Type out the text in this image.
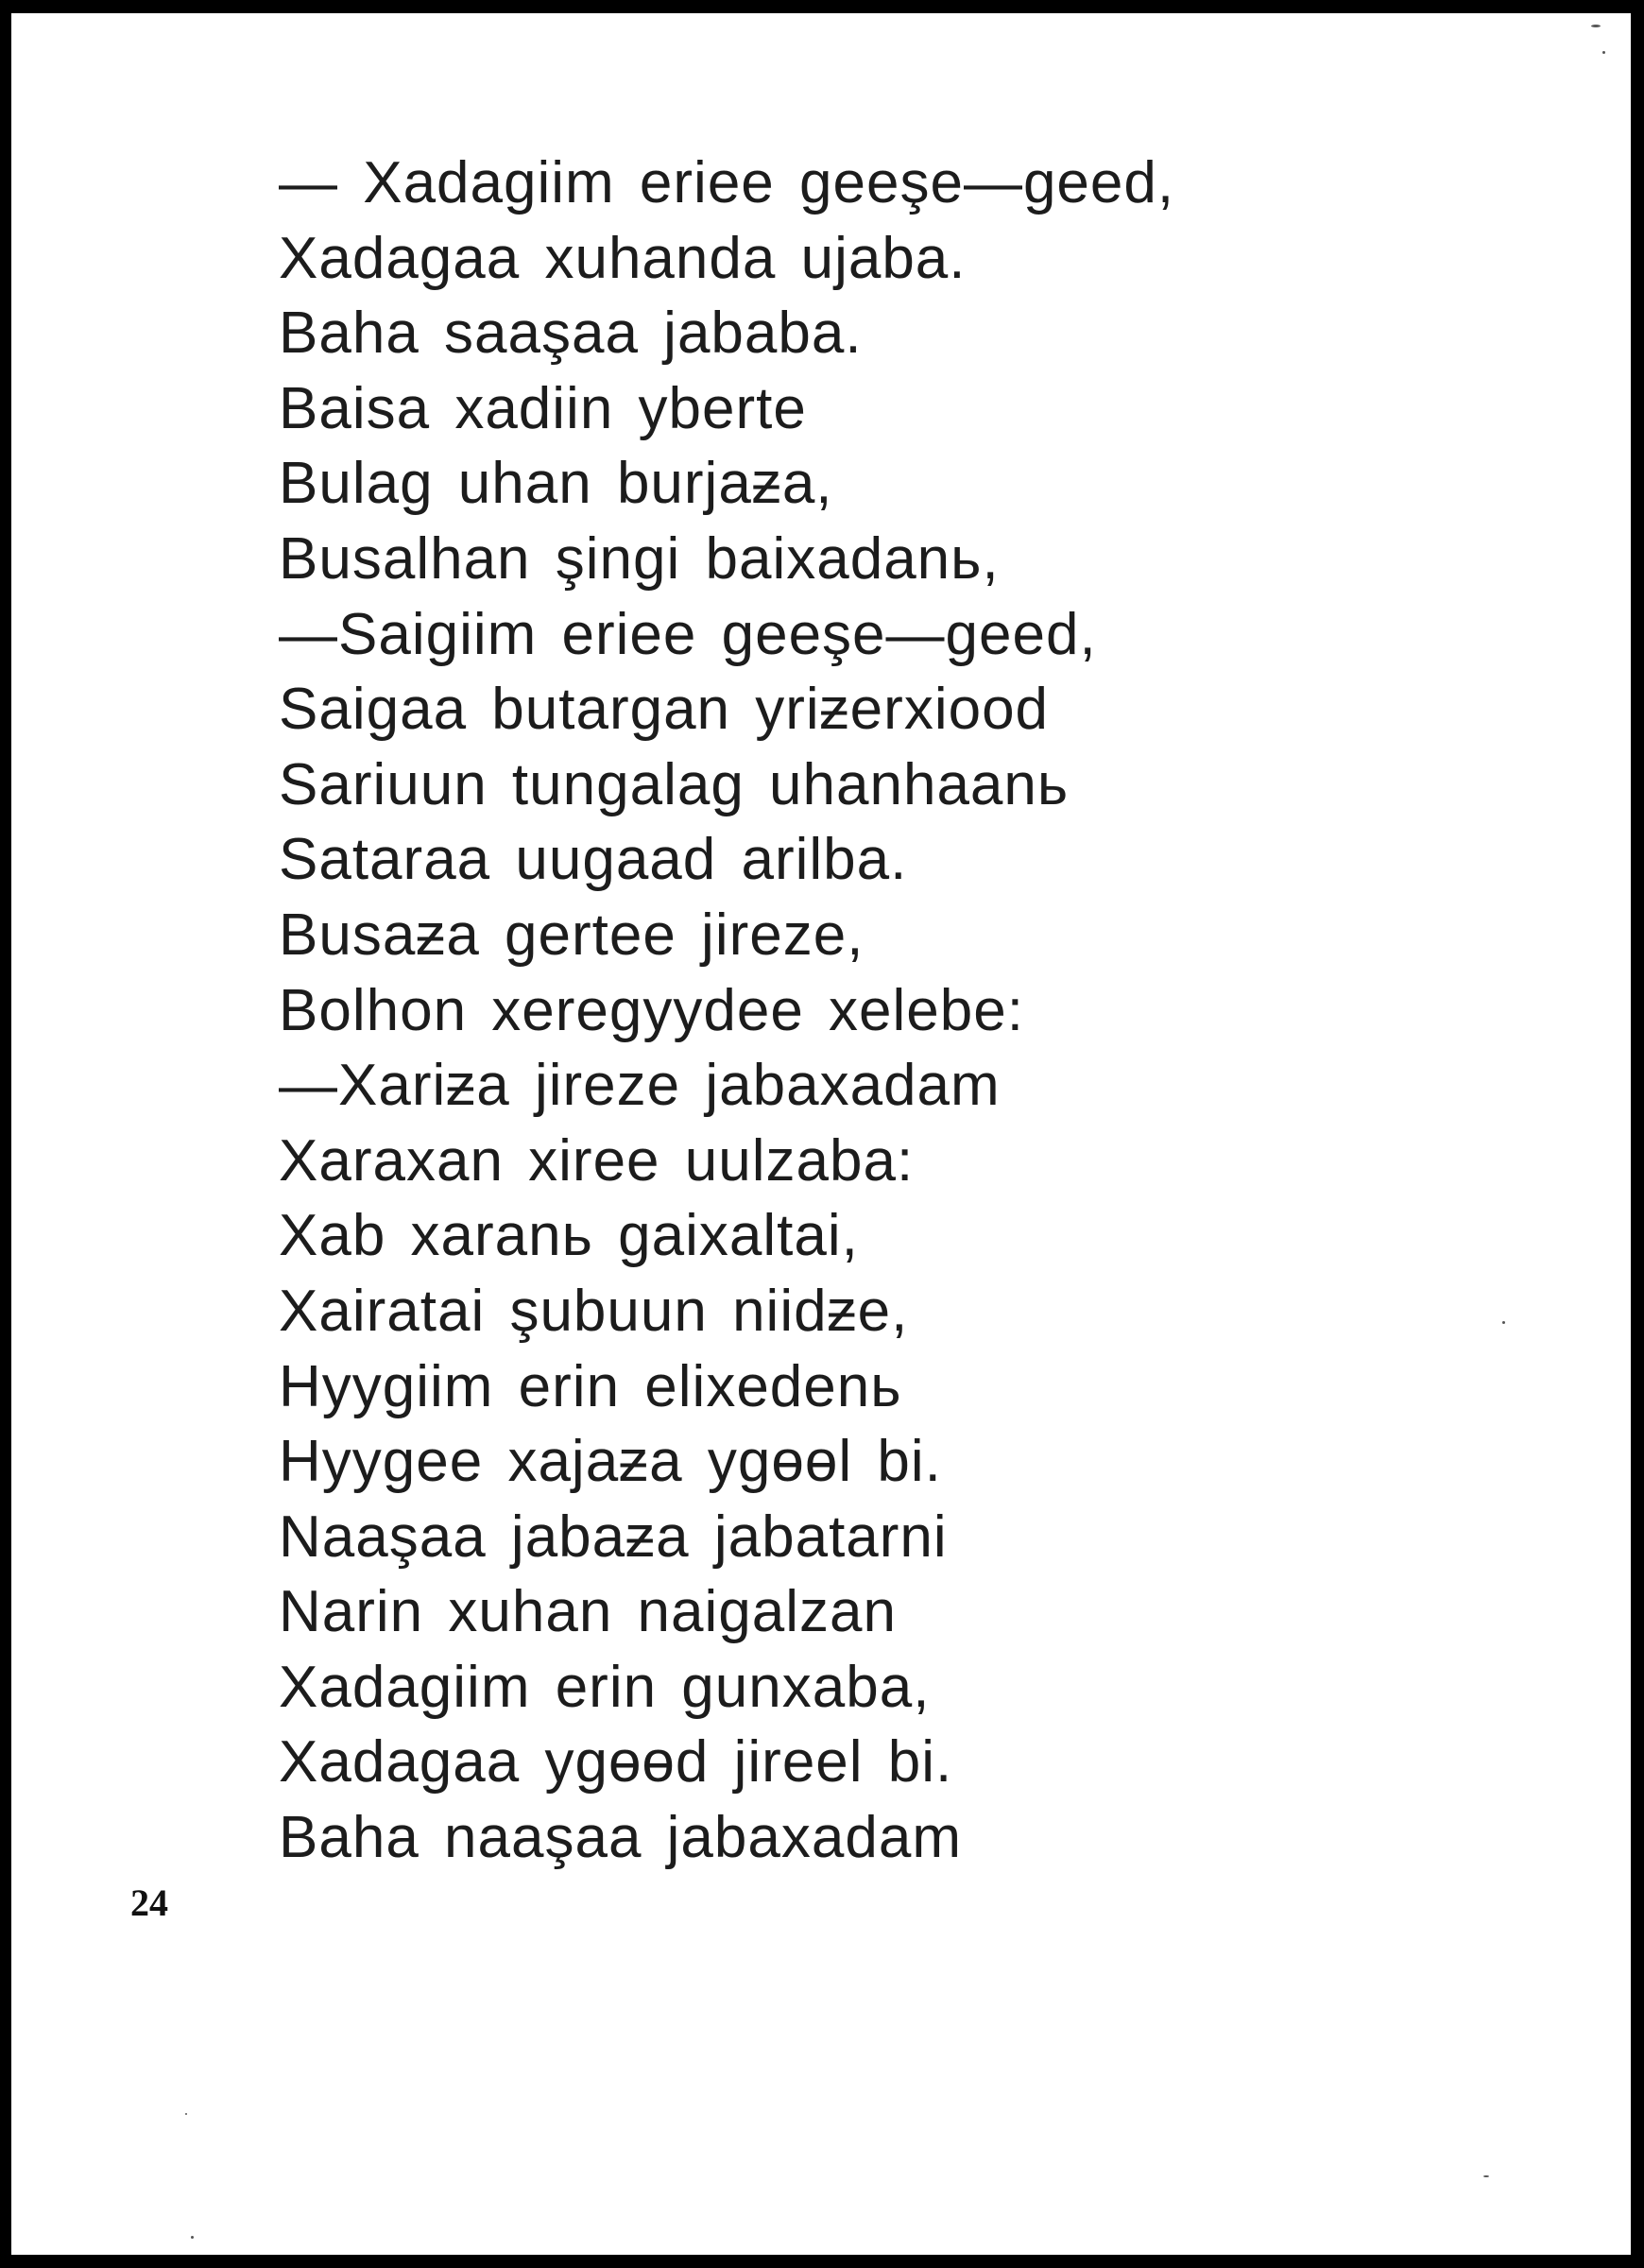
— Xadagiim eriee geeşe—geed,
Xadagaa xuhanda ujaba.
Baha saaşaa jababa.
Baisa xadiin yberte
Bulag uhan burjaƶa,
Busalhan şingi baixadanь,
—Saigiim eriee geeşe—geed,
Saigaa butargan yriƶerxiood
Sariuun tungalag uhanhaanь
Sataraa uugaad arilba.
Busaƶa gertee jireze,
Bolhon xeregyydee xelebe:
—Xariƶa jireze jabaxadam
Xaraxan xiree uulzaba:
Xab xaranь gaixaltai,
Xairatai şubuun niidƶe,
Hyygiim erin elixedenь
Hyygee xajaƶa ygɵɵl bi.
Naaşaa jabaƶa jabatarni
Narin xuhan naigalzan
Xadagiim erin gunxaba,
Xadagaa ygɵɵd jireel bi.
Baha naaşaa jabaxadam
24
